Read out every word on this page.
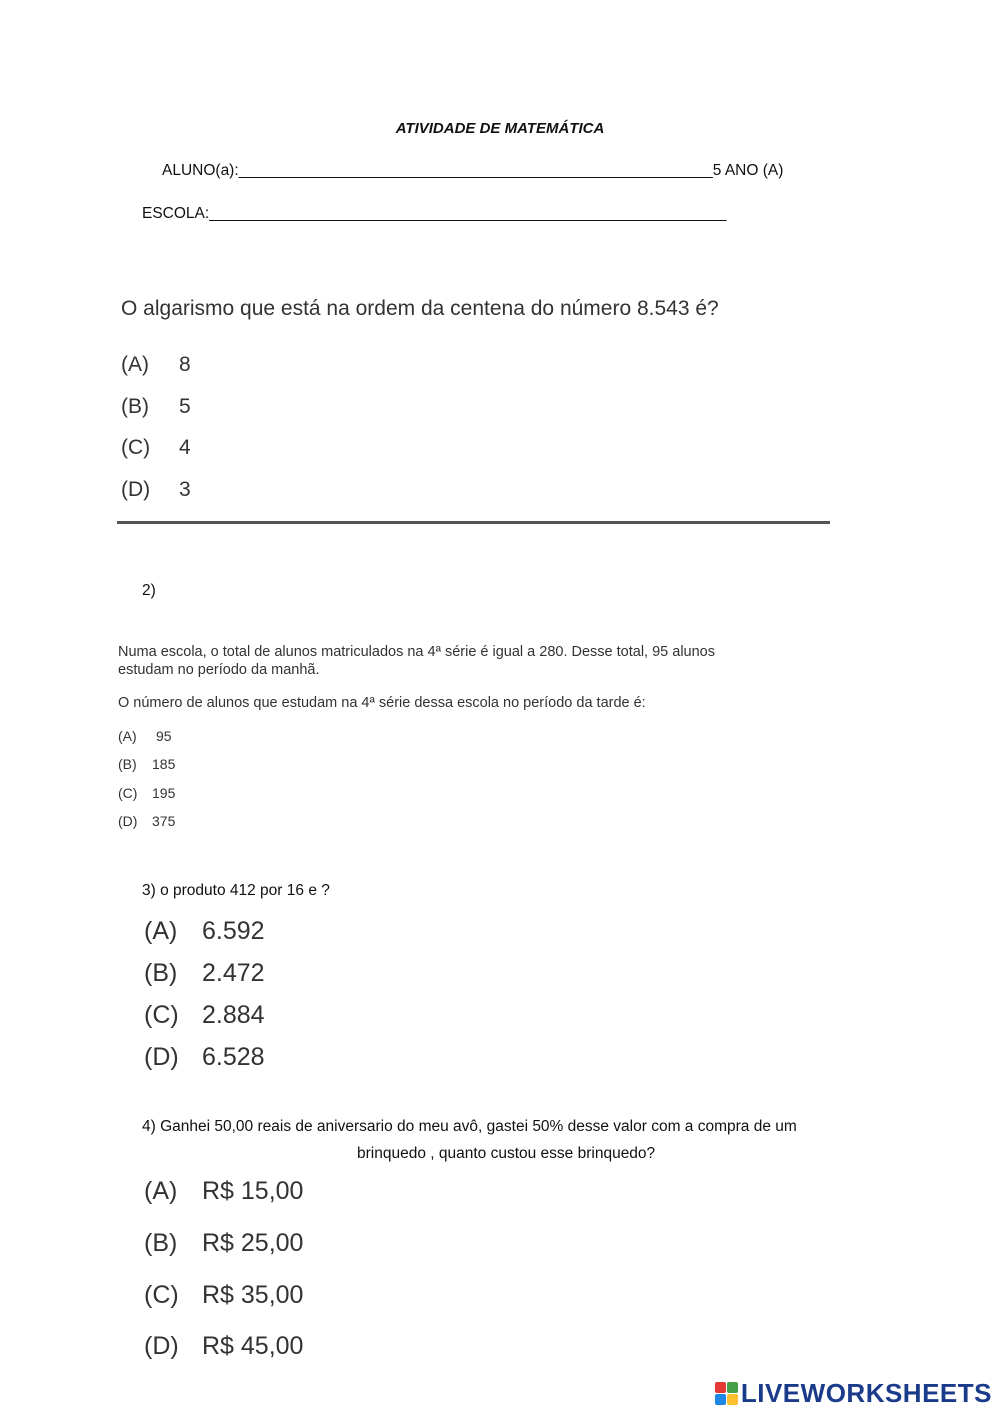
ATIVIDADE DE MATEMÁTICA
ALUNO(a):_______________________________________________________5 ANO (A)
ESCOLA:____________________________________________________________
O algarismo que está na ordem da centena do número 8.543 é?
(A) 8
(B) 5
(C) 4
(D) 3
2)
Numa escola, o total de alunos matriculados na 4ª série é igual a 280. Desse total, 95 alunos
estudam no período da manhã.
O número de alunos que estudam na 4ª série dessa escola no período da tarde é:
(A) 95
(B) 185
(C) 195
(D) 375
3) o produto 412 por 16 e ?
(A) 6.592
(B) 2.472
(C) 2.884
(D) 6.528
4) Ganhei 50,00 reais de aniversario do meu avô, gastei 50% desse valor com a compra de um
brinquedo , quanto custou esse brinquedo?
(A) R$ 15,00
(B) R$ 25,00
(C) R$ 35,00
(D) R$ 45,00
LIVEWORKSHEETS
